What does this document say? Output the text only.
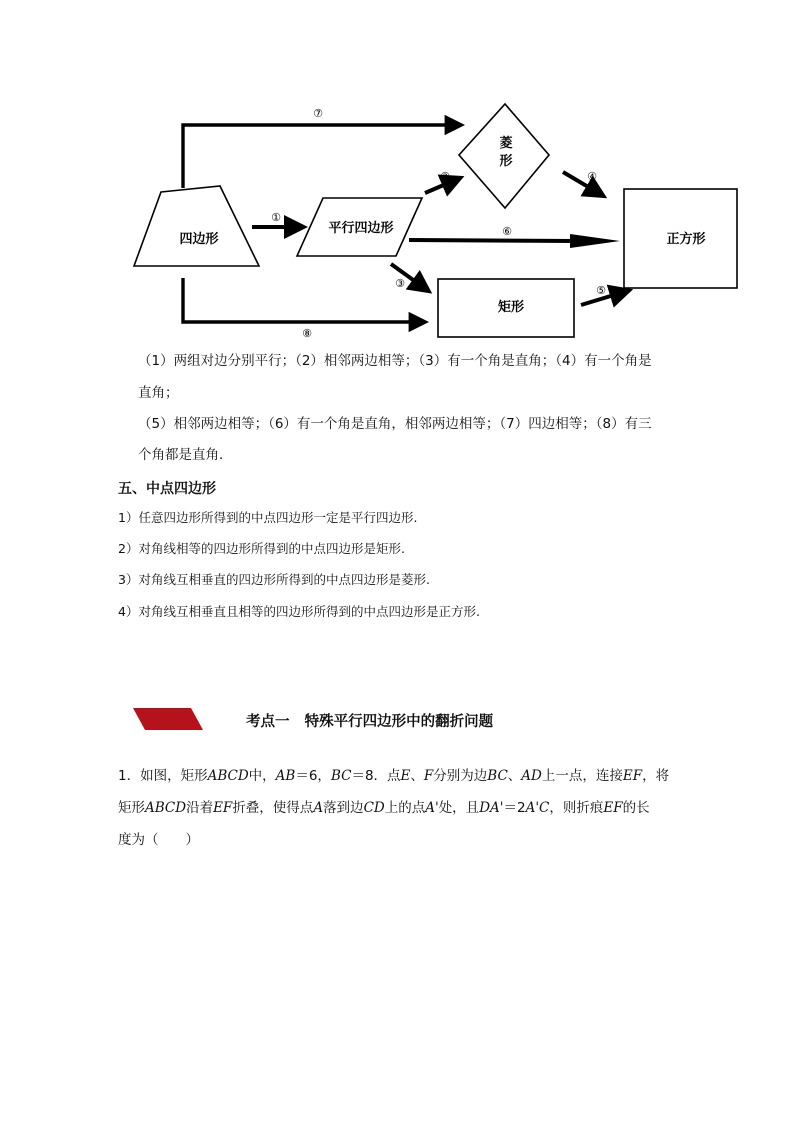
四边形
平行四边形
菱
形
矩形
正方形
①
②
③
④
⑤
⑥
⑦
⑧
（1）两组对边分别平行；（2）相邻两边相等；（3）有一个角是直角；（4）有一个角是
直角；
（5）相邻两边相等；（6）有一个角是直角，相邻两边相等；（7）四边相等；（8）有三
个角都是直角．
五、中点四边形
1）任意四边形所得到的中点四边形一定是平行四边形.
2）对角线相等的四边形所得到的中点四边形是矩形.
3）对角线互相垂直的四边形所得到的中点四边形是菱形.
4）对角线互相垂直且相等的四边形所得到的中点四边形是正方形.
考点一 特殊平行四边形中的翻折问题
1．如图，矩形ABCD中，AB＝6，BC＝8．点E、F分别为边BC、AD上一点，连接EF，将
矩形ABCD沿着EF折叠，使得点A落到边CD上的点A'处，且DA'＝2A'C，则折痕EF的长
度为（　　）
